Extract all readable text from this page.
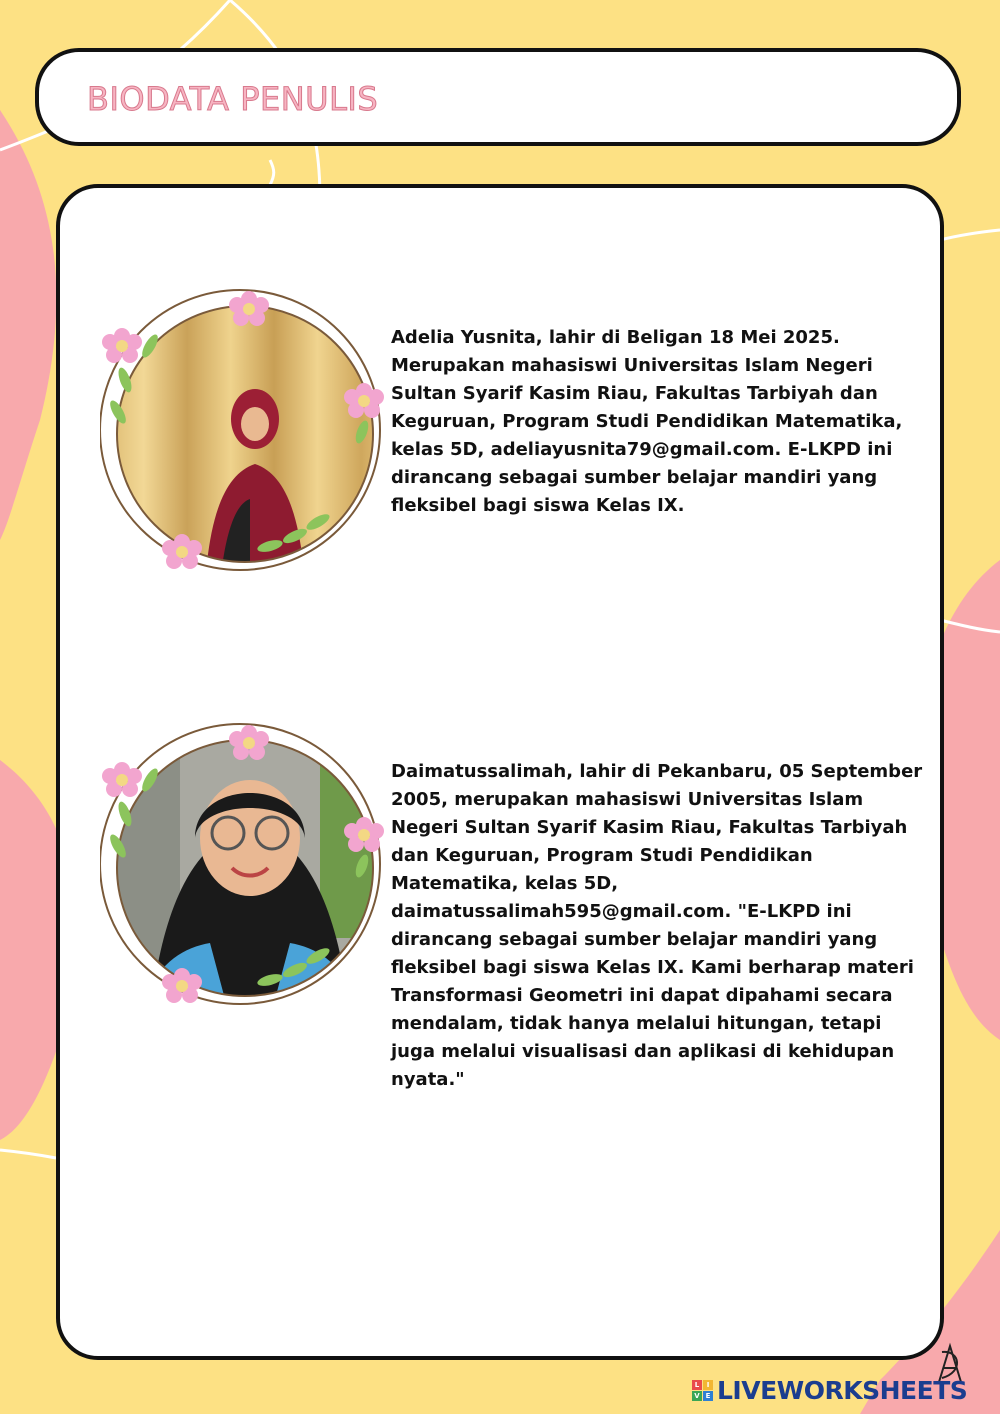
BIODATA PENULIS

Adelia Yusnita, lahir di Beligan 18 Mei 2025. Merupakan mahasiswi Universitas Islam Negeri Sultan Syarif Kasim Riau, Fakultas Tarbiyah dan Keguruan, Program Studi Pendidikan Matematika, kelas 5D, adeliayusnita79@gmail.com. E-LKPD ini dirancang sebagai sumber belajar mandiri yang fleksibel bagi siswa Kelas IX.

Daimatussalimah, lahir di Pekanbaru, 05 September 2005, merupakan mahasiswi Universitas Islam Negeri Sultan Syarif Kasim Riau, Fakultas Tarbiyah dan Keguruan, Program Studi Pendidikan Matematika, kelas 5D, daimatussalimah595@gmail.com. "E-LKPD ini dirancang sebagai sumber belajar mandiri yang fleksibel bagi siswa Kelas IX. Kami berharap materi Transformasi Geometri ini dapat dipahami secara mendalam, tidak hanya melalui hitungan, tetapi juga melalui visualisasi dan aplikasi di kehidupan nyata."

L	I
V E LIVEWORKSHEETS
